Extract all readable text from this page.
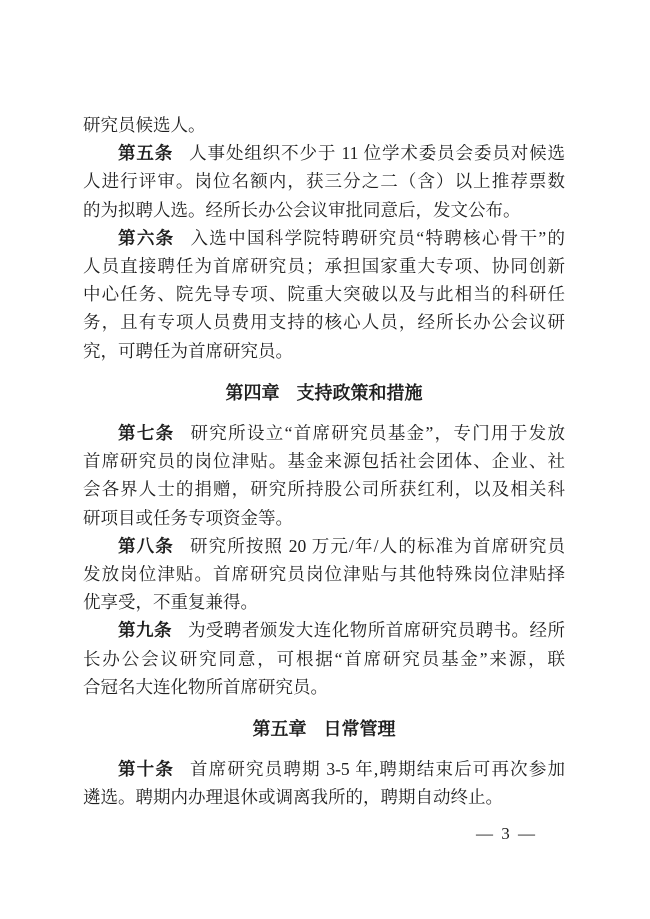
研究员候选人。
第五条 人事处组织不少于 11 位学术委员会委员对候选
人进行评审。岗位名额内，获三分之二（含）以上推荐票数
的为拟聘人选。经所长办公会议审批同意后，发文公布。
第六条 入选中国科学院特聘研究员“特聘核心骨干”的
人员直接聘任为首席研究员；承担国家重大专项、协同创新
中心任务、院先导专项、院重大突破以及与此相当的科研任
务，且有专项人员费用支持的核心人员，经所长办公会议研
究，可聘任为首席研究员。
第四章 支持政策和措施
第七条 研究所设立“首席研究员基金”，专门用于发放
首席研究员的岗位津贴。基金来源包括社会团体、企业、社
会各界人士的捐赠，研究所持股公司所获红利，以及相关科
研项目或任务专项资金等。
第八条 研究所按照 20 万元/年/人的标准为首席研究员
发放岗位津贴。首席研究员岗位津贴与其他特殊岗位津贴择
优享受，不重复兼得。
第九条 为受聘者颁发大连化物所首席研究员聘书。经所
长办公会议研究同意，可根据“首席研究员基金”来源，联
合冠名大连化物所首席研究员。
第五章 日常管理
第十条 首席研究员聘期 3-5 年,聘期结束后可再次参加
遴选。聘期内办理退休或调离我所的，聘期自动终止。
— 3 —
